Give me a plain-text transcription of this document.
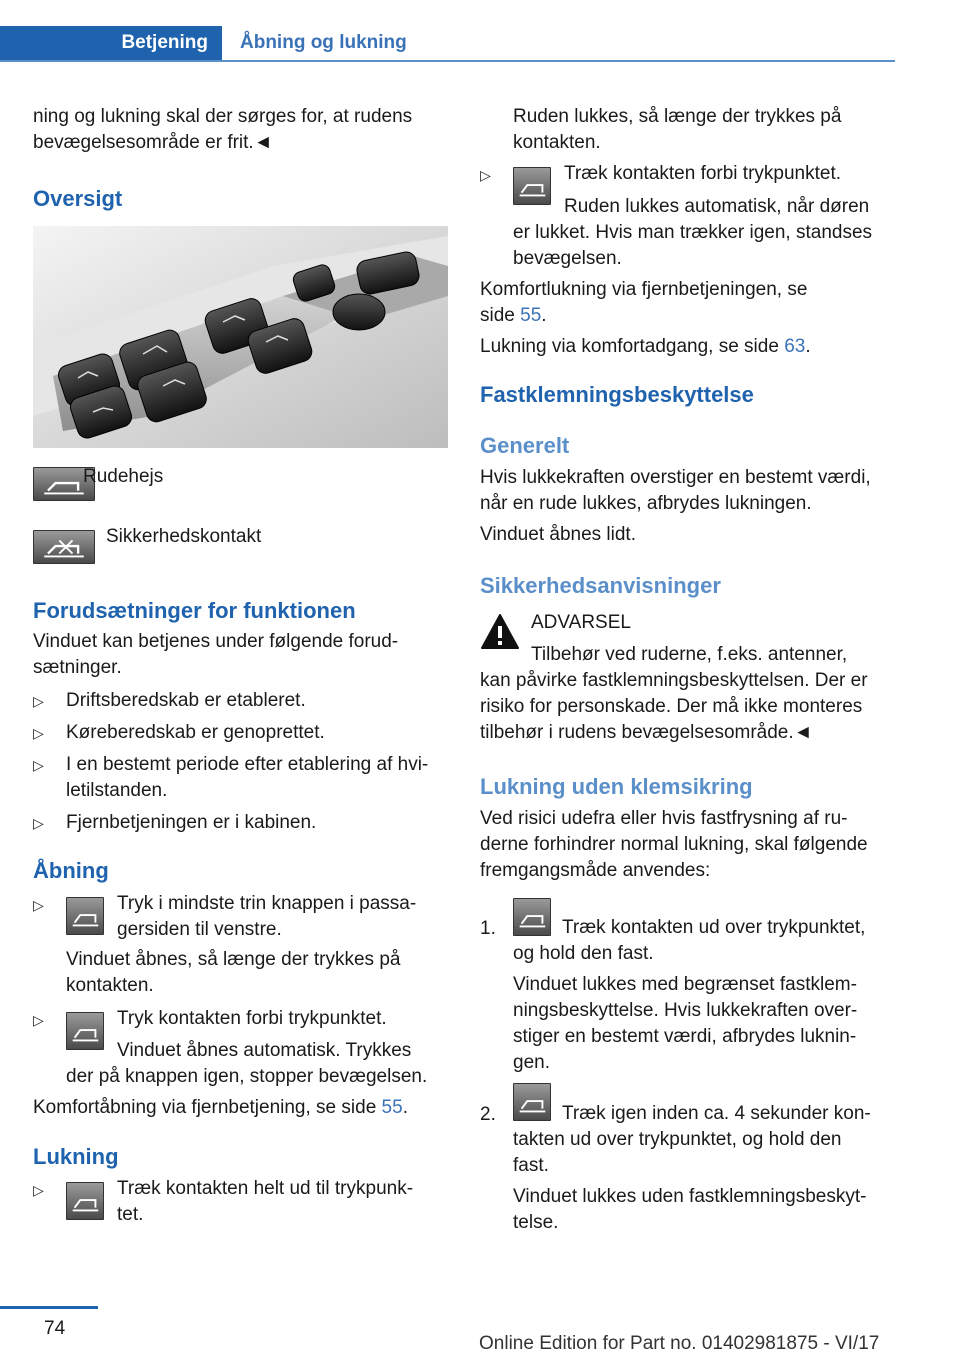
Betjening Åbning og lukning
ning og lukning skal der sørges for, at rudens
bevægelsesområde er frit.◄
Oversigt
Rudehejs
Sikkerhedskontakt
Forudsætninger for funktionen
Vinduet kan betjenes under følgende forud‐
sætninger.
▷ Driftsberedskab er etableret.
▷ Køreberedskab er genoprettet.
▷ I en bestemt periode efter etablering af hvi‐
letilstanden.
▷ Fjernbetjeningen er i kabinen.
Åbning
▷	Tryk i mindste trin knappen i passa‐
gersiden til venstre.
Vinduet åbnes, så længe der trykkes på
kontakten.
▷	Tryk kontakten forbi trykpunktet.
Vinduet åbnes automatisk. Trykkes
der på knappen igen, stopper bevægelsen.
Komfortåbning via fjernbetjening, se side 55.
Lukning
▷	Træk kontakten helt ud til trykpunk‐
tet.
Ruden lukkes, så længe der trykkes på
kontakten.
▷	Træk kontakten forbi trykpunktet.
Ruden lukkes automatisk, når døren
er lukket. Hvis man trækker igen, standses
bevægelsen.
Komfortlukning via fjernbetjeningen, se
side 55.
Lukning via komfortadgang, se side 63.
Fastklemningsbeskyttelse
Generelt
Hvis lukkekraften overstiger en bestemt værdi,
når en rude lukkes, afbrydes lukningen.
Vinduet åbnes lidt.
Sikkerhedsanvisninger
ADVARSEL
Tilbehør ved ruderne, f.eks. antenner,
kan påvirke fastklemningsbeskyttelsen. Der er
risiko for personskade. Der må ikke monteres
tilbehør i rudens bevægelsesområde.◄
Lukning uden klemsikring
Ved risici udefra eller hvis fastfrysning af ru‐
derne forhindrer normal lukning, skal følgende
fremgangsmåde anvendes:
1.	Træk kontakten ud over trykpunktet,
og hold den fast.
Vinduet lukkes med begrænset fastklem‐
ningsbeskyttelse. Hvis lukkekraften over‐
stiger en bestemt værdi, afbrydes luknin‐
gen.
2.	Træk igen inden ca. 4 sekunder kon‐
takten ud over trykpunktet, og hold den
fast.
Vinduet lukkes uden fastklemningsbeskyt‐
telse.
74
Online Edition for Part no. 01402981875 - VI/17
